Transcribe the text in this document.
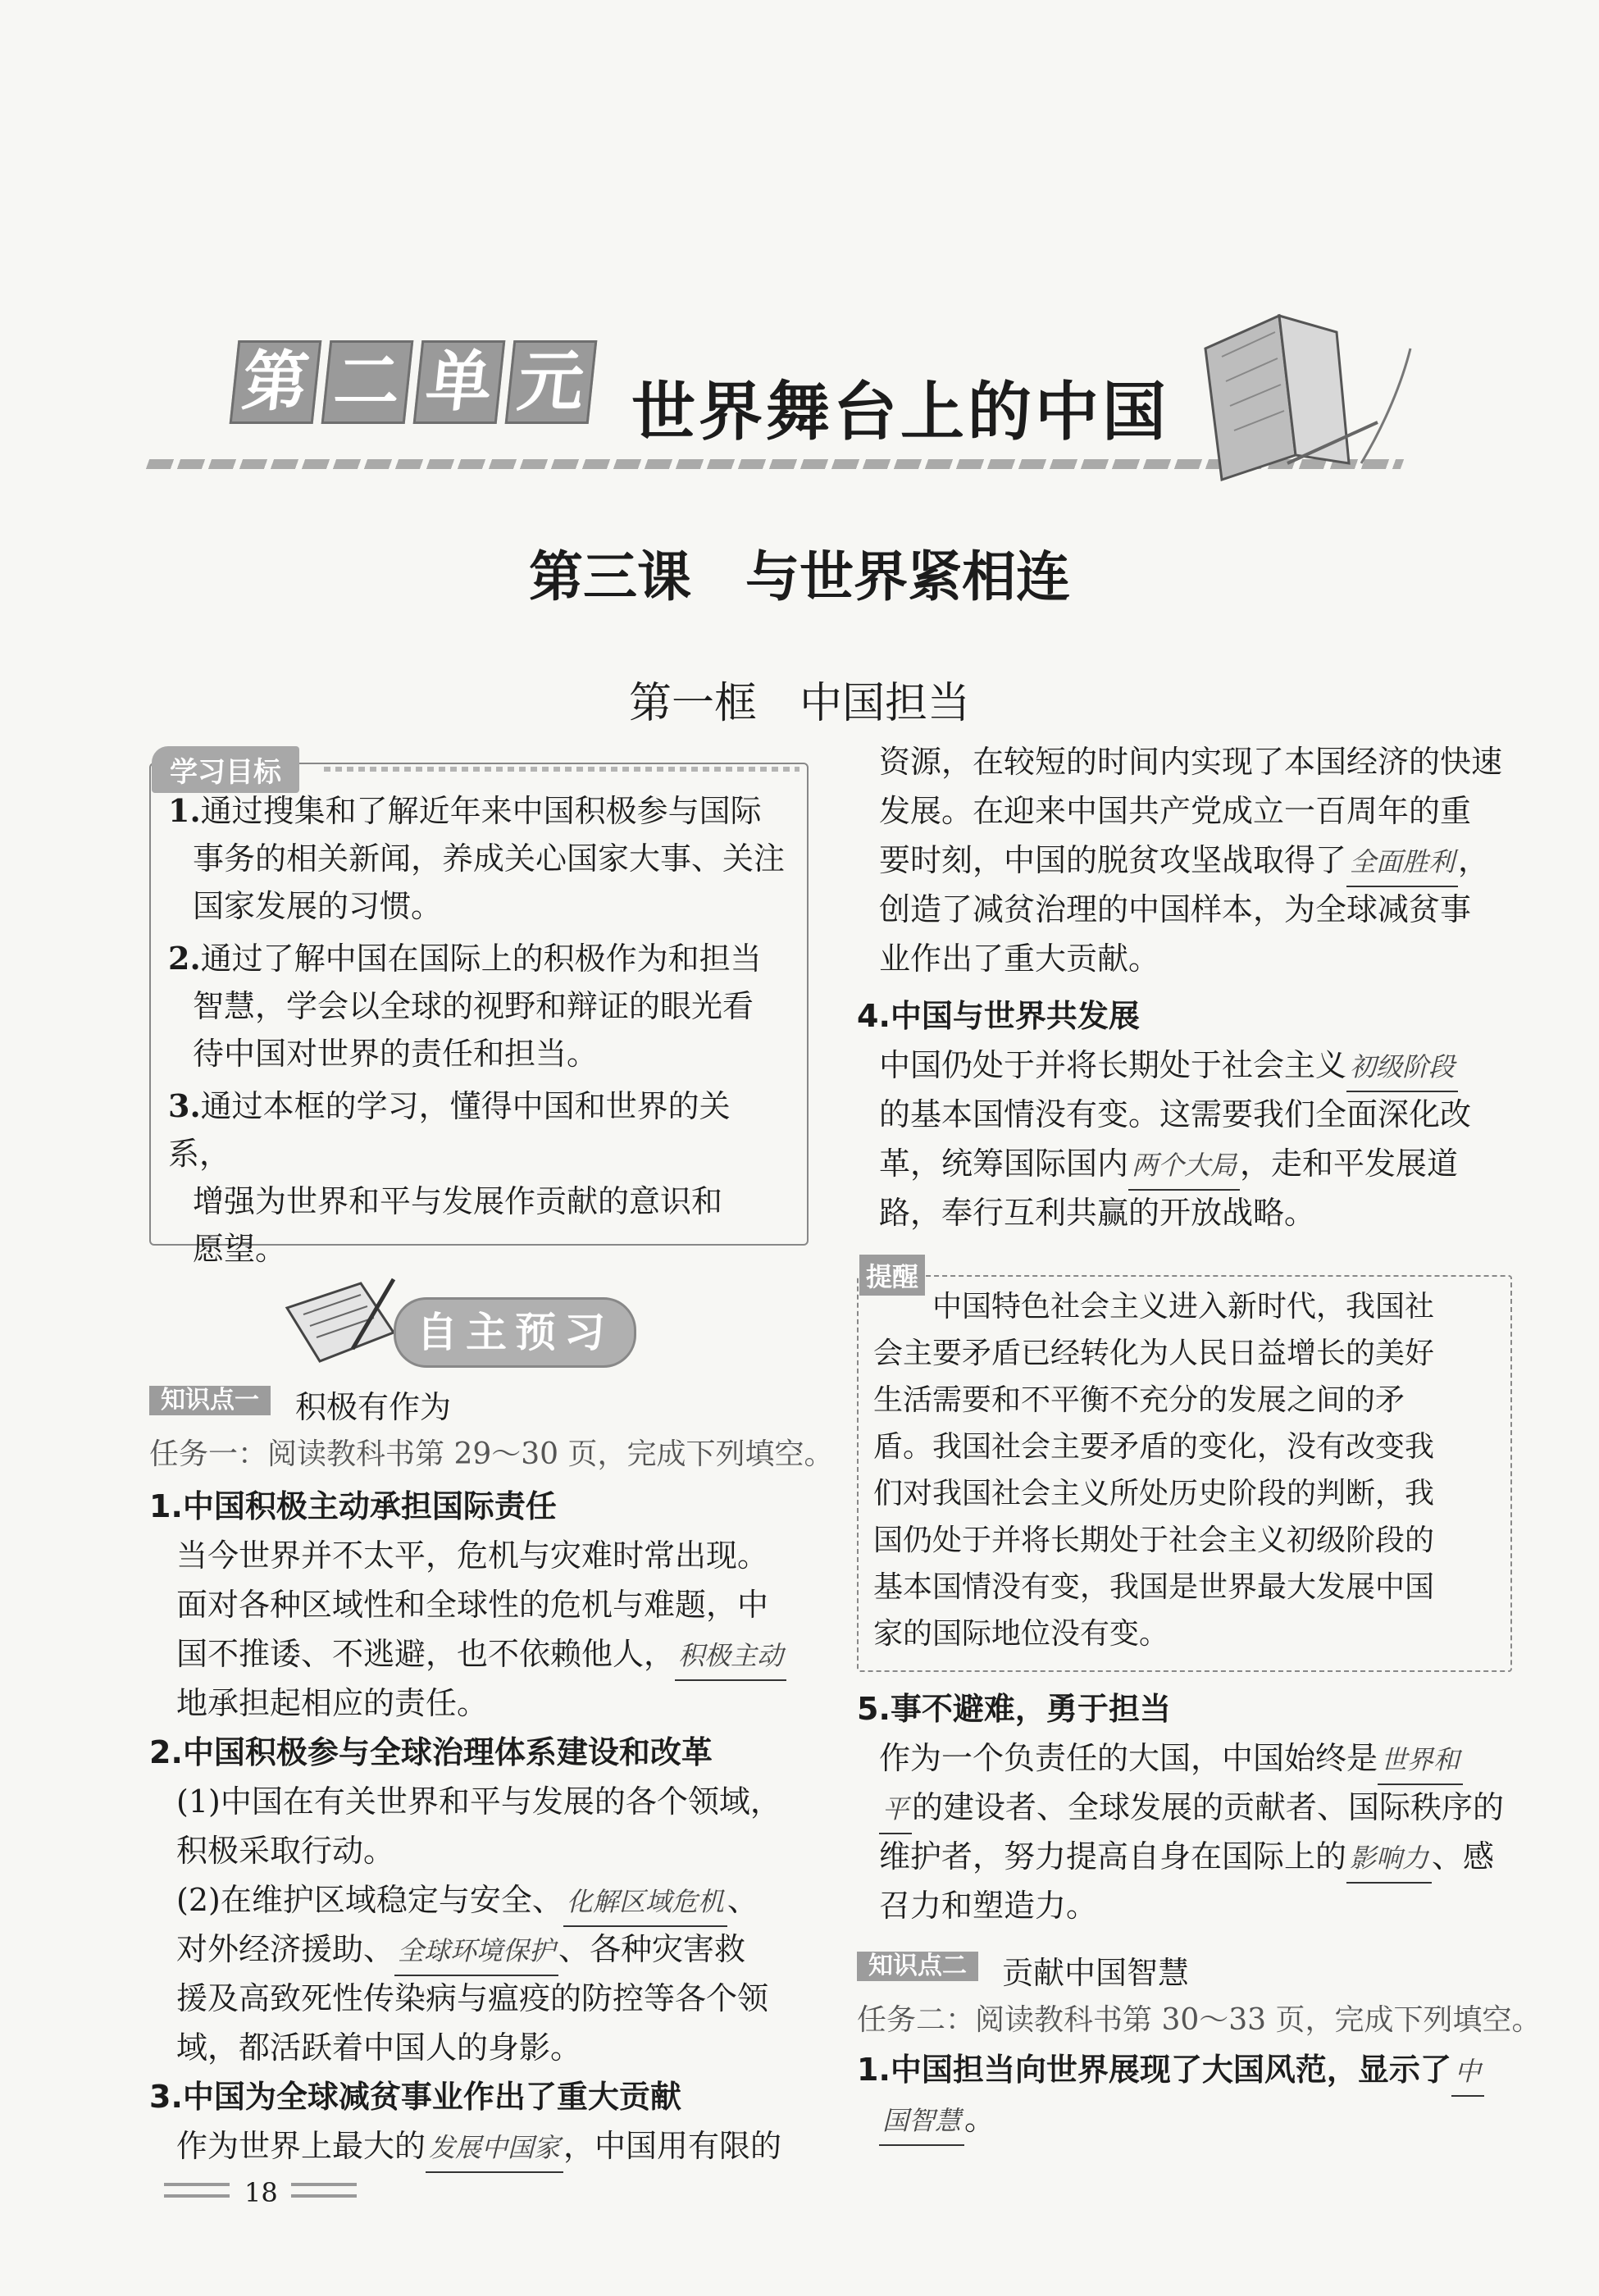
第 二 单 元 世界舞台上的中国
第三课　与世界紧相连
第一框　中国担当
学习目标
1.通过搜集和了解近年来中国积极参与国际
事务的相关新闻，养成关心国家大事、关注
国家发展的习惯。
2.通过了解中国在国际上的积极作为和担当
智慧，学会以全球的视野和辩证的眼光看
待中国对世界的责任和担当。
3.通过本框的学习，懂得中国和世界的关系，
增强为世界和平与发展作贡献的意识和
愿望。
自主预习
知识点一	积极有作为
任务一：阅读教科书第 29～30 页，完成下列填空。
1.中国积极主动承担国际责任
当今世界并不太平，危机与灾难时常出现。
面对各种区域性和全球性的危机与难题，中
国不推诿、不逃避，也不依赖他人， 积极主动
地承担起相应的责任。
2.中国积极参与全球治理体系建设和改革
(1)中国在有关世界和平与发展的各个领域，
积极采取行动。
(2)在维护区域稳定与安全、 化解区域危机 、
对外经济援助、 全球环境保护 、各种灾害救
援及高致死性传染病与瘟疫的防控等各个领
域，都活跃着中国人的身影。
3.中国为全球减贫事业作出了重大贡献
作为世界上最大的 发展中国家 ，中国用有限的
资源，在较短的时间内实现了本国经济的快速
发展。在迎来中国共产党成立一百周年的重
要时刻，中国的脱贫攻坚战取得了 全面胜利 ，
创造了减贫治理的中国样本，为全球减贫事
业作出了重大贡献。
4.中国与世界共发展
中国仍处于并将长期处于社会主义 初级阶段
的基本国情没有变。这需要我们全面深化改
革，统筹国际国内 两个大局 ，走和平发展道
路，奉行互利共赢的开放战略。
提醒
　　中国特色社会主义进入新时代，我国社
会主要矛盾已经转化为人民日益增长的美好
生活需要和不平衡不充分的发展之间的矛
盾。我国社会主要矛盾的变化，没有改变我
们对我国社会主义所处历史阶段的判断，我
国仍处于并将长期处于社会主义初级阶段的
基本国情没有变，我国是世界最大发展中国
家的国际地位没有变。
5.事不避难，勇于担当
作为一个负责任的大国，中国始终是 世界和
平 的建设者、全球发展的贡献者、国际秩序的
维护者，努力提高自身在国际上的 影响力 、感
召力和塑造力。
知识点二	贡献中国智慧
任务二：阅读教科书第 30～33 页，完成下列填空。
1.中国担当向世界展现了大国风范，显示了 中
国智慧 。
18
